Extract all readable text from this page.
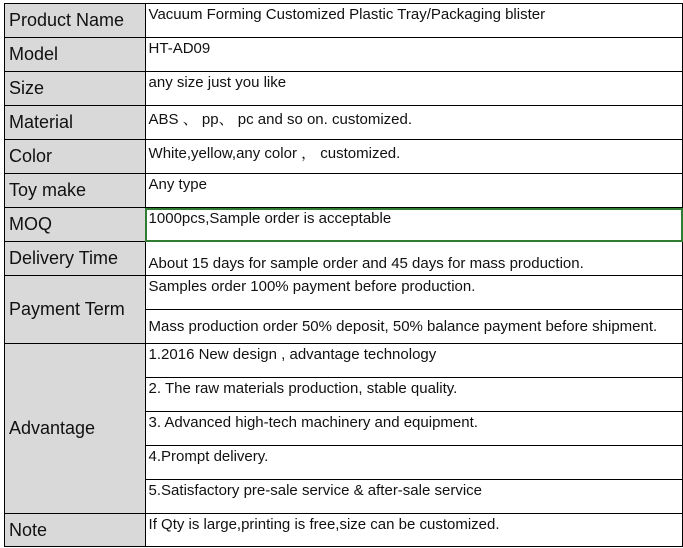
Product Name	Vacuum Forming Customized Plastic Tray/Packaging blister
Model	HT-AD09
Size	any size just you like
Material	ABS 、 pp、 pc and so on. customized.
Color	White,yellow,any color ， customized.
Toy make	Any type
MOQ	1000pcs,Sample order is acceptable
Delivery Time	About 15 days for sample order and 45 days for mass production.
Payment Term	Samples order 100% payment before production.
	Mass production order 50% deposit, 50% balance payment before shipment.
Advantage	1.2016 New design , advantage technology
	2. The raw materials production, stable quality.
	3. Advanced high-tech machinery and equipment.
	4.Prompt delivery.
	5.Satisfactory pre-sale service & after-sale service
Note	If Qty is large,printing is free,size can be customized.
